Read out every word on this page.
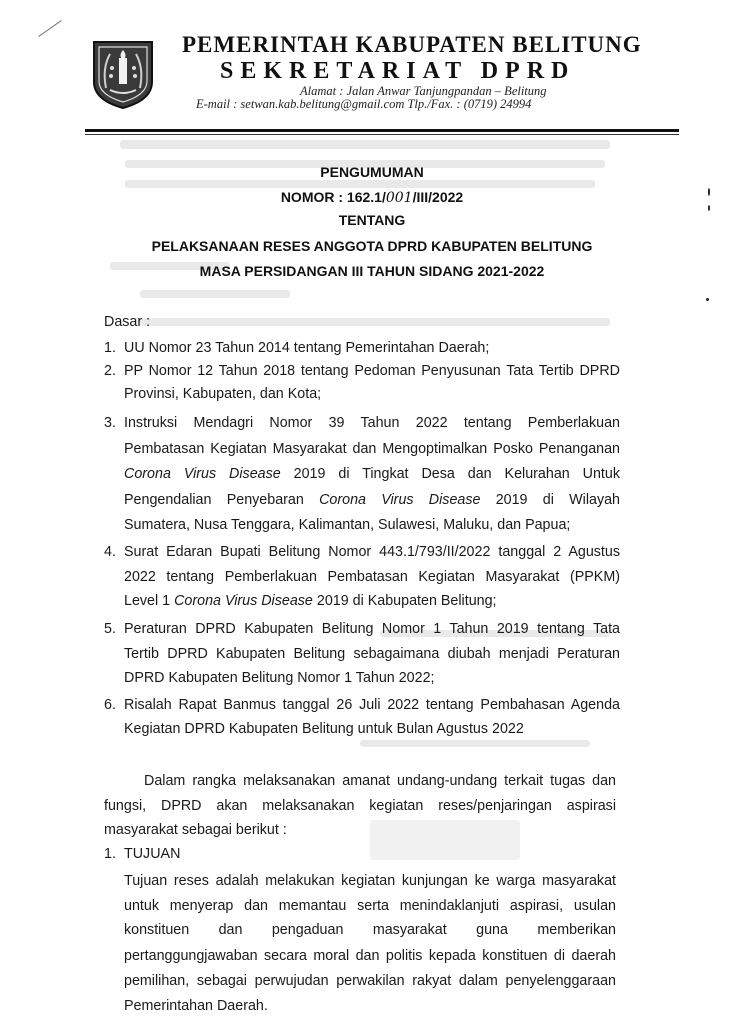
PEMERINTAH KABUPATEN BELITUNG
SEKRETARIAT DPRD
Alamat : Jalan Anwar Tanjungpandan – Belitung
E-mail : setwan.kab.belitung@gmail.com Tlp./Fax. : (0719) 24994
PENGUMUMAN
NOMOR : 162.1/001/III/2022
TENTANG
PELAKSANAAN RESES ANGGOTA DPRD KABUPATEN BELITUNG
MASA PERSIDANGAN III TAHUN SIDANG 2021-2022
Dasar :
1. UU Nomor 23 Tahun 2014 tentang Pemerintahan Daerah;
2. PP Nomor 12 Tahun 2018 tentang Pedoman Penyusunan Tata Tertib DPRD
Provinsi, Kabupaten, dan Kota;
3. Instruksi Mendagri Nomor 39 Tahun 2022 tentang Pemberlakuan
Pembatasan Kegiatan Masyarakat dan Mengoptimalkan Posko Penanganan
Corona Virus Disease 2019 di Tingkat Desa dan Kelurahan Untuk
Pengendalian Penyebaran Corona Virus Disease 2019 di Wilayah
Sumatera, Nusa Tenggara, Kalimantan, Sulawesi, Maluku, dan Papua;
4. Surat Edaran Bupati Belitung Nomor 443.1/793/II/2022 tanggal 2 Agustus
2022 tentang Pemberlakuan Pembatasan Kegiatan Masyarakat (PPKM)
Level 1 Corona Virus Disease 2019 di Kabupaten Belitung;
5. Peraturan DPRD Kabupaten Belitung Nomor 1 Tahun 2019 tentang Tata
Tertib DPRD Kabupaten Belitung sebagaimana diubah menjadi Peraturan
DPRD Kabupaten Belitung Nomor 1 Tahun 2022;
6. Risalah Rapat Banmus tanggal 26 Juli 2022 tentang Pembahasan Agenda
Kegiatan DPRD Kabupaten Belitung untuk Bulan Agustus 2022
Dalam rangka melaksanakan amanat undang-undang terkait tugas dan
fungsi, DPRD akan melaksanakan kegiatan reses/penjaringan aspirasi
masyarakat sebagai berikut :
1. TUJUAN
Tujuan reses adalah melakukan kegiatan kunjungan ke warga masyarakat
untuk menyerap dan memantau serta menindaklanjuti aspirasi, usulan
konstituen dan pengaduan masyarakat guna memberikan
pertanggungjawaban secara moral dan politis kepada konstituen di daerah
pemilihan, sebagai perwujudan perwakilan rakyat dalam penyelenggaraan
Pemerintahan Daerah.
